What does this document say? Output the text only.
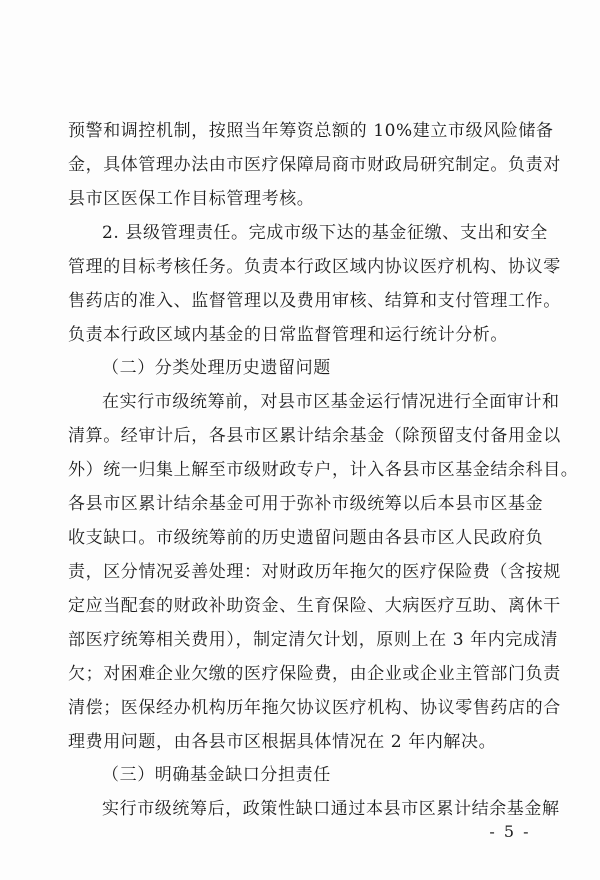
预警和调控机制，按照当年筹资总额的 10%建立市级风险储备
金，具体管理办法由市医疗保障局商市财政局研究制定。负责对
县市区医保工作目标管理考核。
2. 县级管理责任。完成市级下达的基金征缴、支出和安全
管理的目标考核任务。负责本行政区域内协议医疗机构、协议零
售药店的准入、监督管理以及费用审核、结算和支付管理工作。
负责本行政区域内基金的日常监督管理和运行统计分析。
（二）分类处理历史遗留问题
在实行市级统筹前，对县市区基金运行情况进行全面审计和
清算。经审计后，各县市区累计结余基金（除预留支付备用金以
外）统一归集上解至市级财政专户，计入各县市区基金结余科目。
各县市区累计结余基金可用于弥补市级统筹以后本县市区基金
收支缺口。市级统筹前的历史遗留问题由各县市区人民政府负
责，区分情况妥善处理：对财政历年拖欠的医疗保险费（含按规
定应当配套的财政补助资金、生育保险、大病医疗互助、离休干
部医疗统筹相关费用），制定清欠计划，原则上在 3 年内完成清
欠；对困难企业欠缴的医疗保险费，由企业或企业主管部门负责
清偿；医保经办机构历年拖欠协议医疗机构、协议零售药店的合
理费用问题，由各县市区根据具体情况在 2 年内解决。
（三）明确基金缺口分担责任
实行市级统筹后，政策性缺口通过本县市区累计结余基金解
- 5 -
